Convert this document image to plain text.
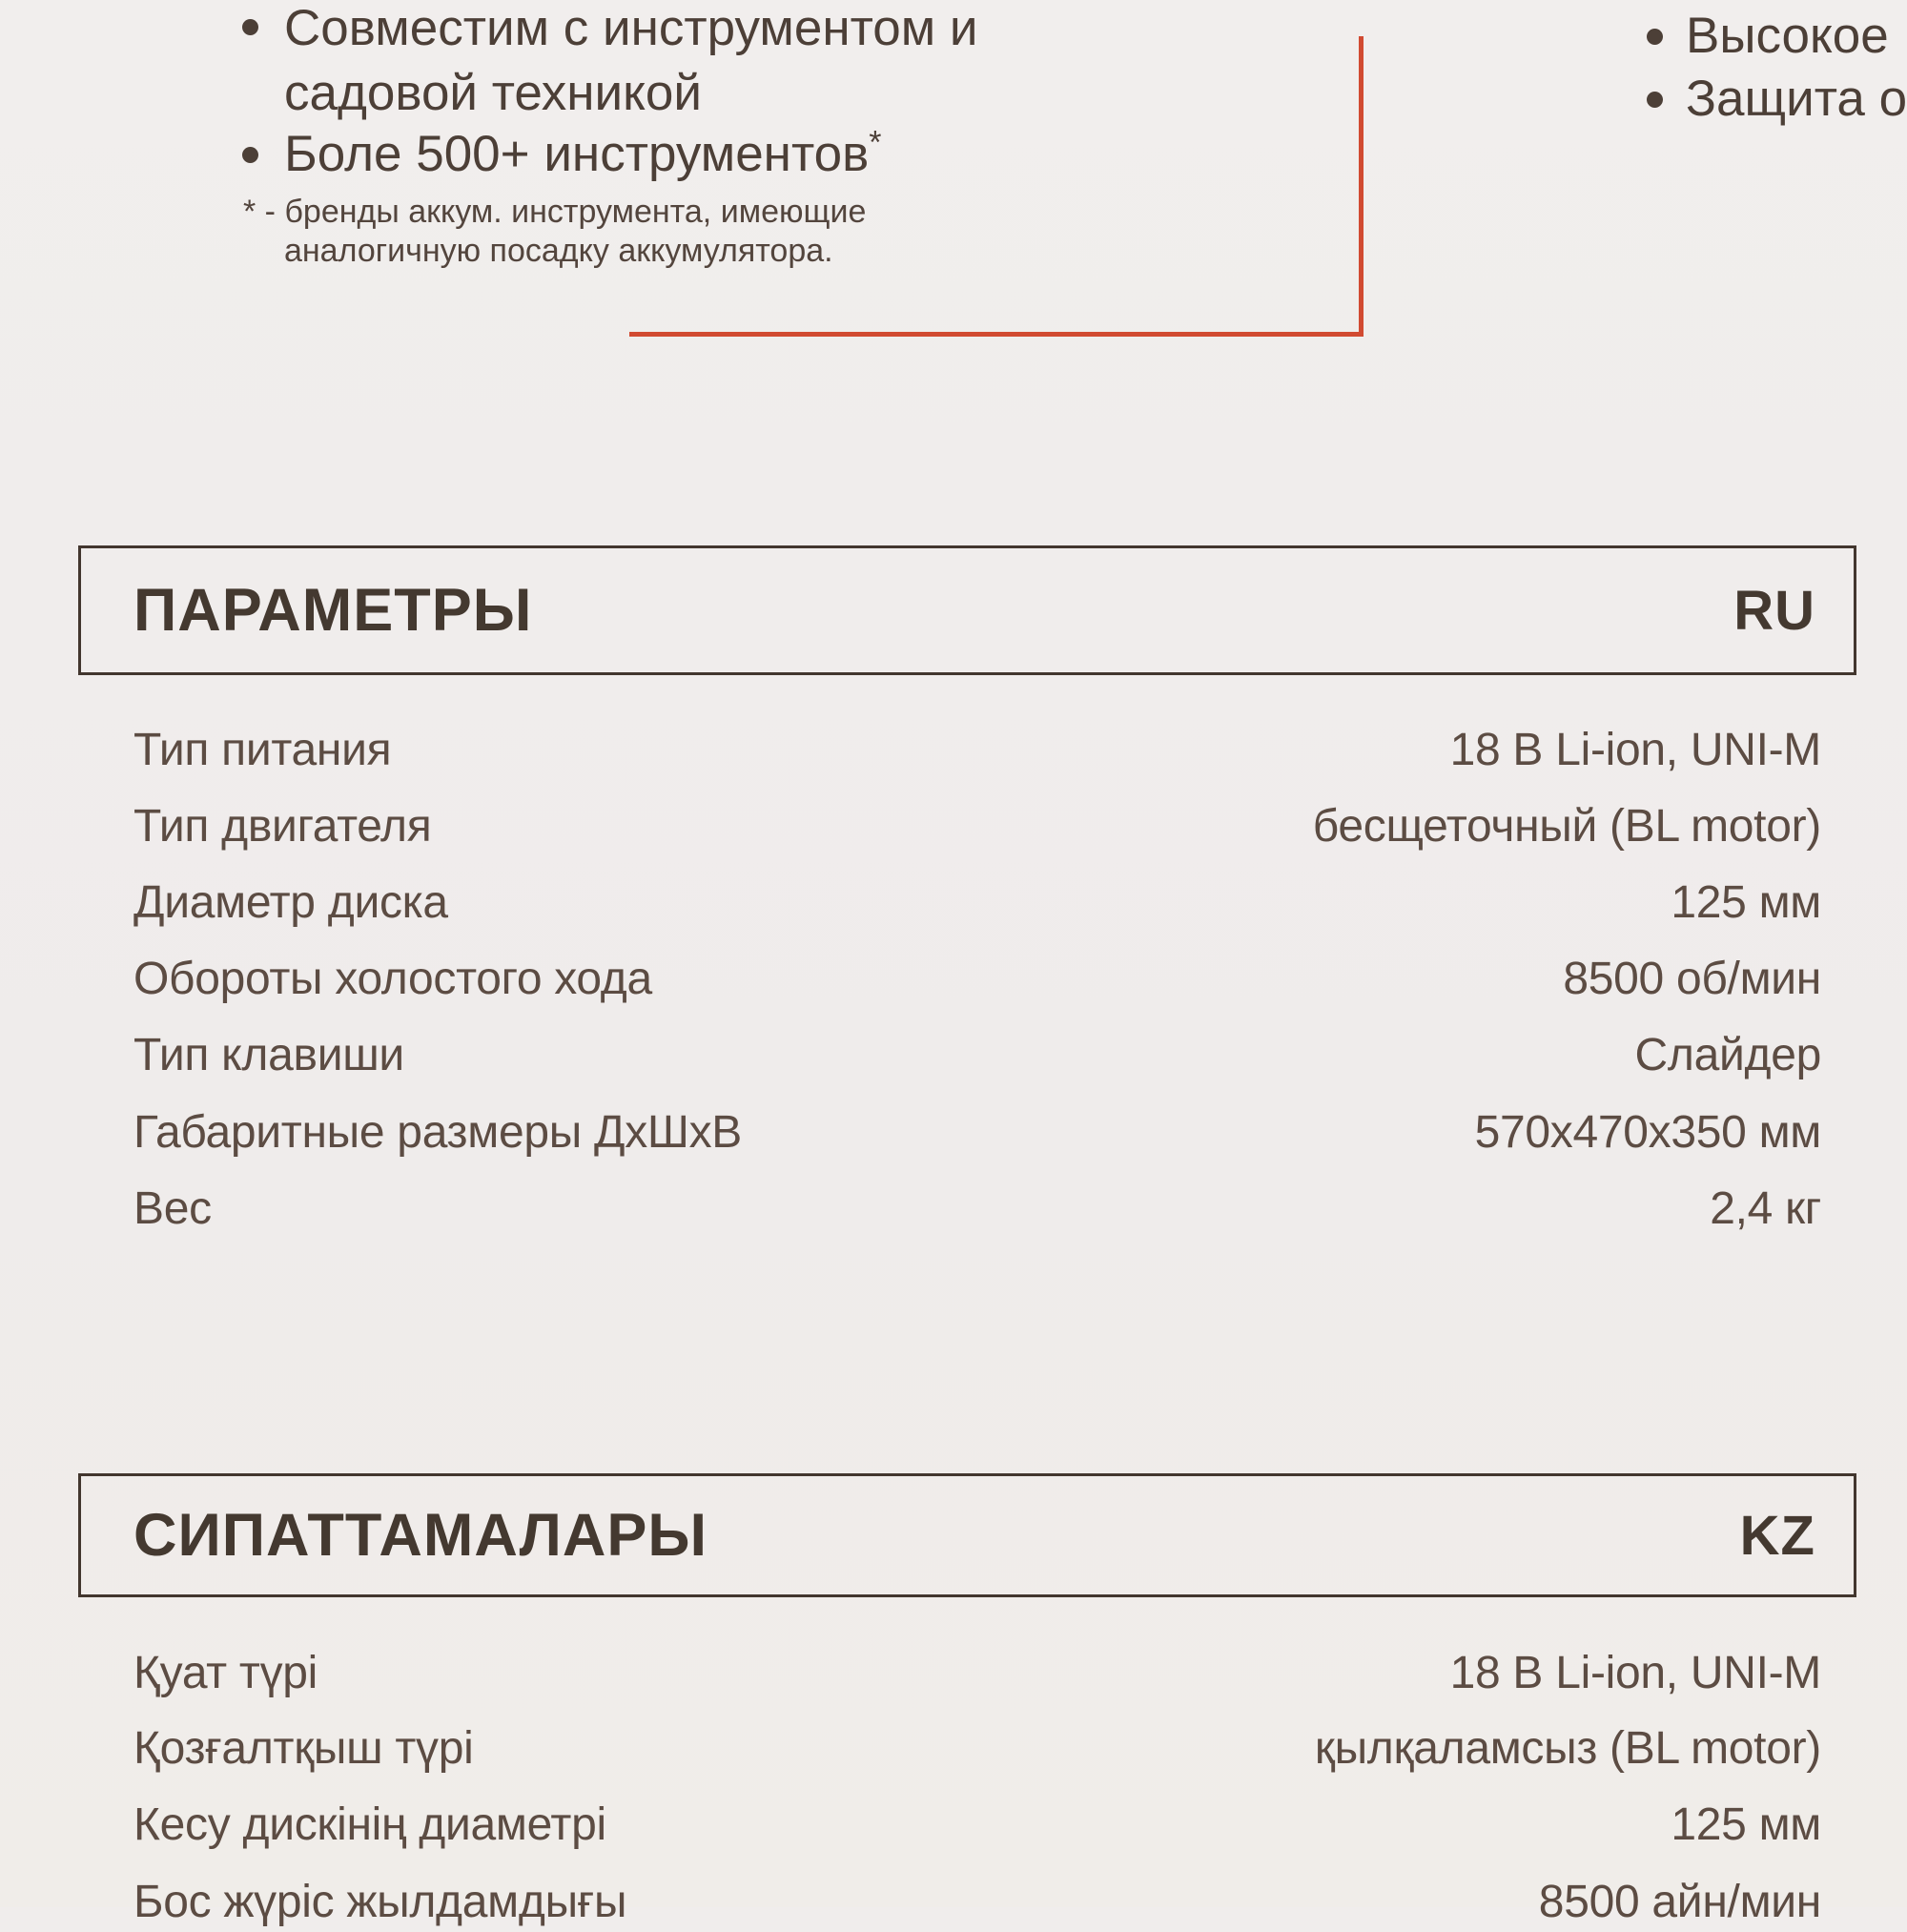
Совместим с инструментом и
садовой техникой
Боле 500+ инструментов*
* - бренды аккум. инструмента, имеющие
аналогичную посадку аккумулятора.
Высокое
Защита о
ПАРАМЕТРЫ	RU
Тип питания	18 В Li-ion, UNI-M
Тип двигателя	бесщеточный (BL motor)
Диаметр диска	125 мм
Обороты холостого хода	8500 об/мин
Тип клавиши	Слайдер
Габаритные размеры ДхШхВ	570x470x350 мм
Вес	2,4 кг
СИПАТТАМАЛАРЫ	KZ
Қуат түрі	18 В Li-ion, UNI-M
Қозғалтқыш түрі	қылқаламсыз (BL motor)
Кесу дискінің диаметрі	125 мм
Бос жүріс жылдамдығы	8500 айн/мин
